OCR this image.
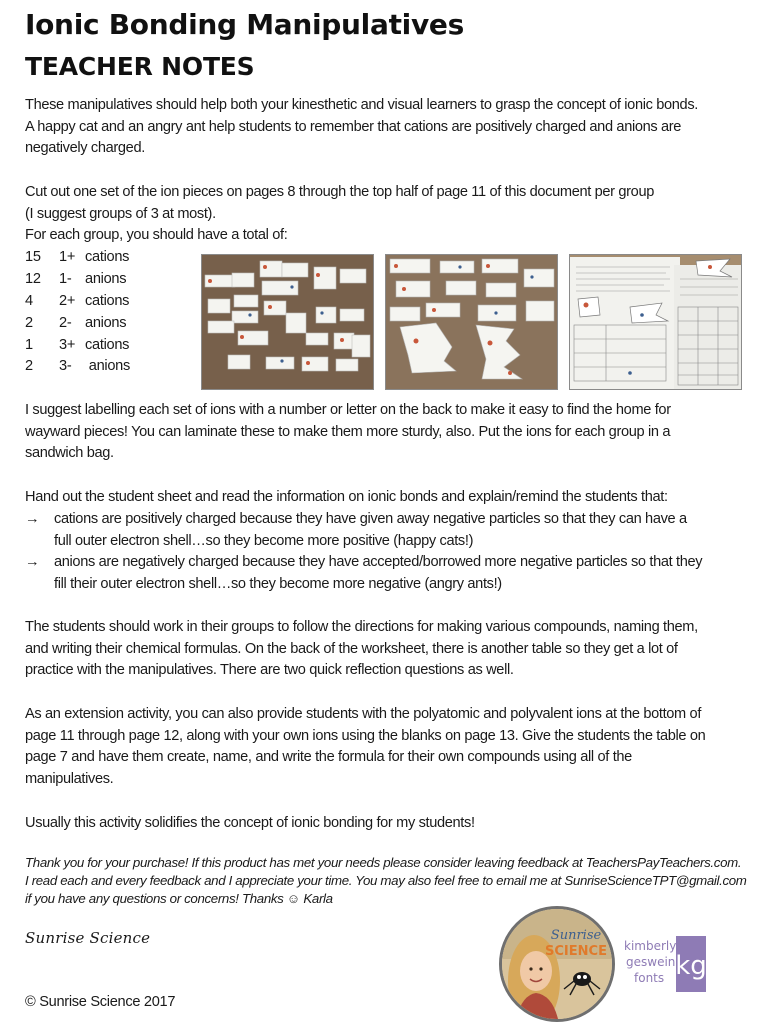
Ionic Bonding Manipulatives
TEACHER NOTES
These manipulatives should help both your kinesthetic and visual learners to grasp the concept of ionic bonds.
A happy cat and an angry ant help students to remember that cations are positively charged and anions are
negatively charged.
Cut out one set of the ion pieces on pages 8 through the top half of page 11 of this document per group
(I suggest groups of 3 at most).
For each group, you should have a total of:
15	1+ cations
12	1- anions
4	2+ cations
2	2- anions
1	3+ cations
2	3- anions
I suggest labelling each set of ions with a number or letter on the back to make it easy to find the home for
wayward pieces! You can laminate these to make them more sturdy, also. Put the ions for each group in a
sandwich bag.
Hand out the student sheet and read the information on ionic bonds and explain/remind the students that:
→	cations are positively charged because they have given away negative particles so that they can have a
full outer electron shell…so they become more positive (happy cats!)
→	anions are negatively charged because they have accepted/borrowed more negative particles so that they
fill their outer electron shell…so they become more negative (angry ants!)
The students should work in their groups to follow the directions for making various compounds, naming them,
and writing their chemical formulas. On the back of the worksheet, there is another table so they get a lot of
practice with the manipulatives. There are two quick reflection questions as well.
As an extension activity, you can also provide students with the polyatomic and polyvalent ions at the bottom of
page 11 through page 12, along with your own ions using the blanks on page 13. Give the students the table on
page 7 and have them create, name, and write the formula for their own compounds using all of the
manipulatives.
Usually this activity solidifies the concept of ionic bonding for my students!
Thank you for your purchase! If this product has met your needs please consider leaving feedback at TeachersPayTeachers.com.
I read each and every feedback and I appreciate your time. You may also feel free to email me at SunriseScienceTPT@gmail.com
if you have any questions or concerns! Thanks ☺ Karla
Sunrise Science
© Sunrise Science 2017
Sunrise
SCIENCE kimberly
geswein
fonts kg
